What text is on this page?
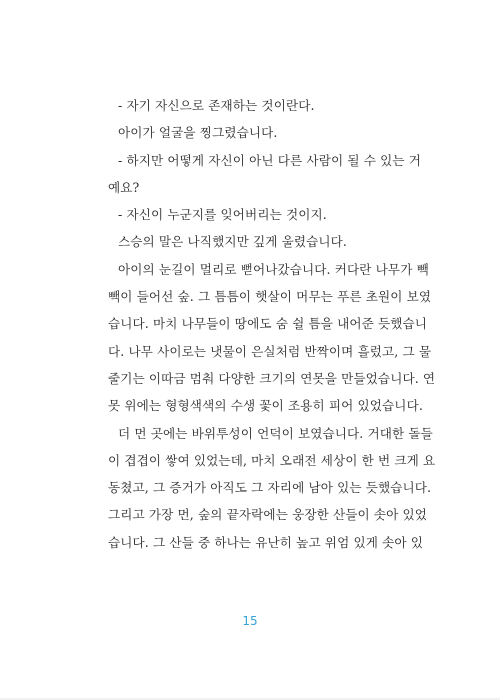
- 자기 자신으로 존재하는 것이란다.
아이가 얼굴을 찡그렸습니다.
- 하지만 어떻게 자신이 아닌 다른 사람이 될 수 있는 거
예요?
- 자신이 누군지를 잊어버리는 것이지.
스승의 말은 나직했지만 깊게 울렸습니다.
아이의 눈길이 멀리로 뻗어나갔습니다. 커다란 나무가 빽
빽이 들어선 숲. 그 틈틈이 햇살이 머무는 푸른 초원이 보였
습니다. 마치 나무들이 땅에도 숨 쉴 틈을 내어준 듯했습니
다. 나무 사이로는 냇물이 은실처럼 반짝이며 흘렀고, 그 물
줄기는 이따금 멈춰 다양한 크기의 연못을 만들었습니다. 연
못 위에는 형형색색의 수생 꽃이 조용히 피어 있었습니다.
더 먼 곳에는 바위투성이 언덕이 보였습니다. 거대한 돌들
이 겹겹이 쌓여 있었는데, 마치 오래전 세상이 한 번 크게 요
동쳤고, 그 증거가 아직도 그 자리에 남아 있는 듯했습니다.
그리고 가장 먼, 숲의 끝자락에는 웅장한 산들이 솟아 있었
습니다. 그 산들 중 하나는 유난히 높고 위엄 있게 솟아 있
15
